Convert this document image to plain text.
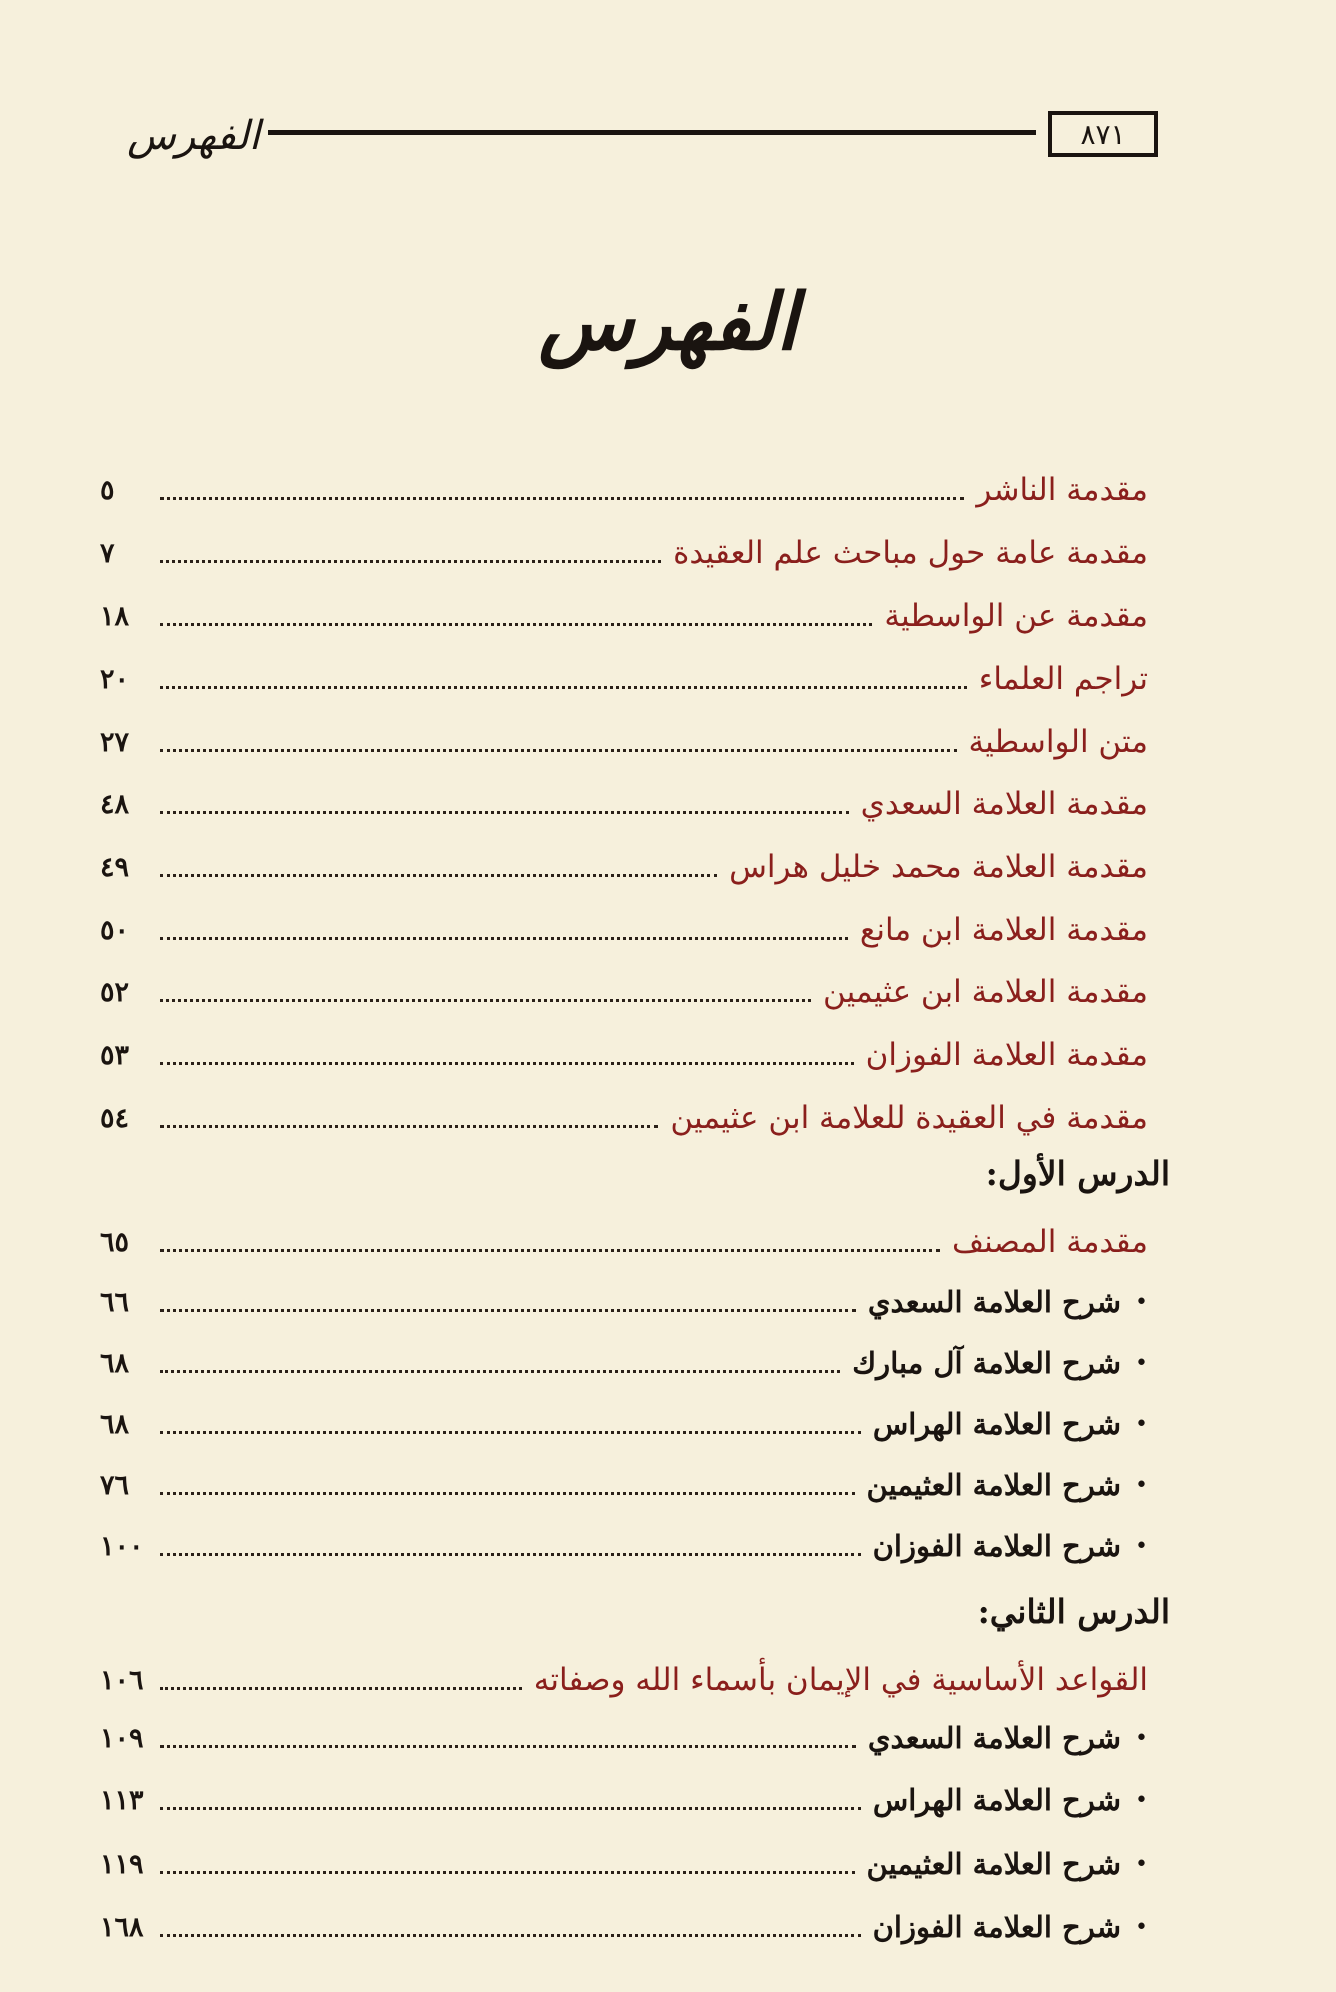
٨٧١
الفهرس
الفهرس
مقدمة الناشر
٥
مقدمة عامة حول مباحث علم العقيدة
٧
مقدمة عن الواسطية
١٨
تراجم العلماء
٢٠
متن الواسطية
٢٧
مقدمة العلامة السعدي
٤٨
مقدمة العلامة محمد خليل هراس
٤٩
مقدمة العلامة ابن مانع
٥٠
مقدمة العلامة ابن عثيمين
٥٢
مقدمة العلامة الفوزان
٥٣
مقدمة في العقيدة للعلامة ابن عثيمين
٥٤
الدرس الأول:
مقدمة المصنف
٦٥
•
شرح العلامة السعدي
٦٦
•
شرح العلامة آل مبارك
٦٨
•
شرح العلامة الهراس
٦٨
•
شرح العلامة العثيمين
٧٦
•
شرح العلامة الفوزان
١٠٠
الدرس الثاني:
القواعد الأساسية في الإيمان بأسماء الله وصفاته
١٠٦
•
شرح العلامة السعدي
١٠٩
•
شرح العلامة الهراس
١١٣
•
شرح العلامة العثيمين
١١٩
•
شرح العلامة الفوزان
١٦٨
